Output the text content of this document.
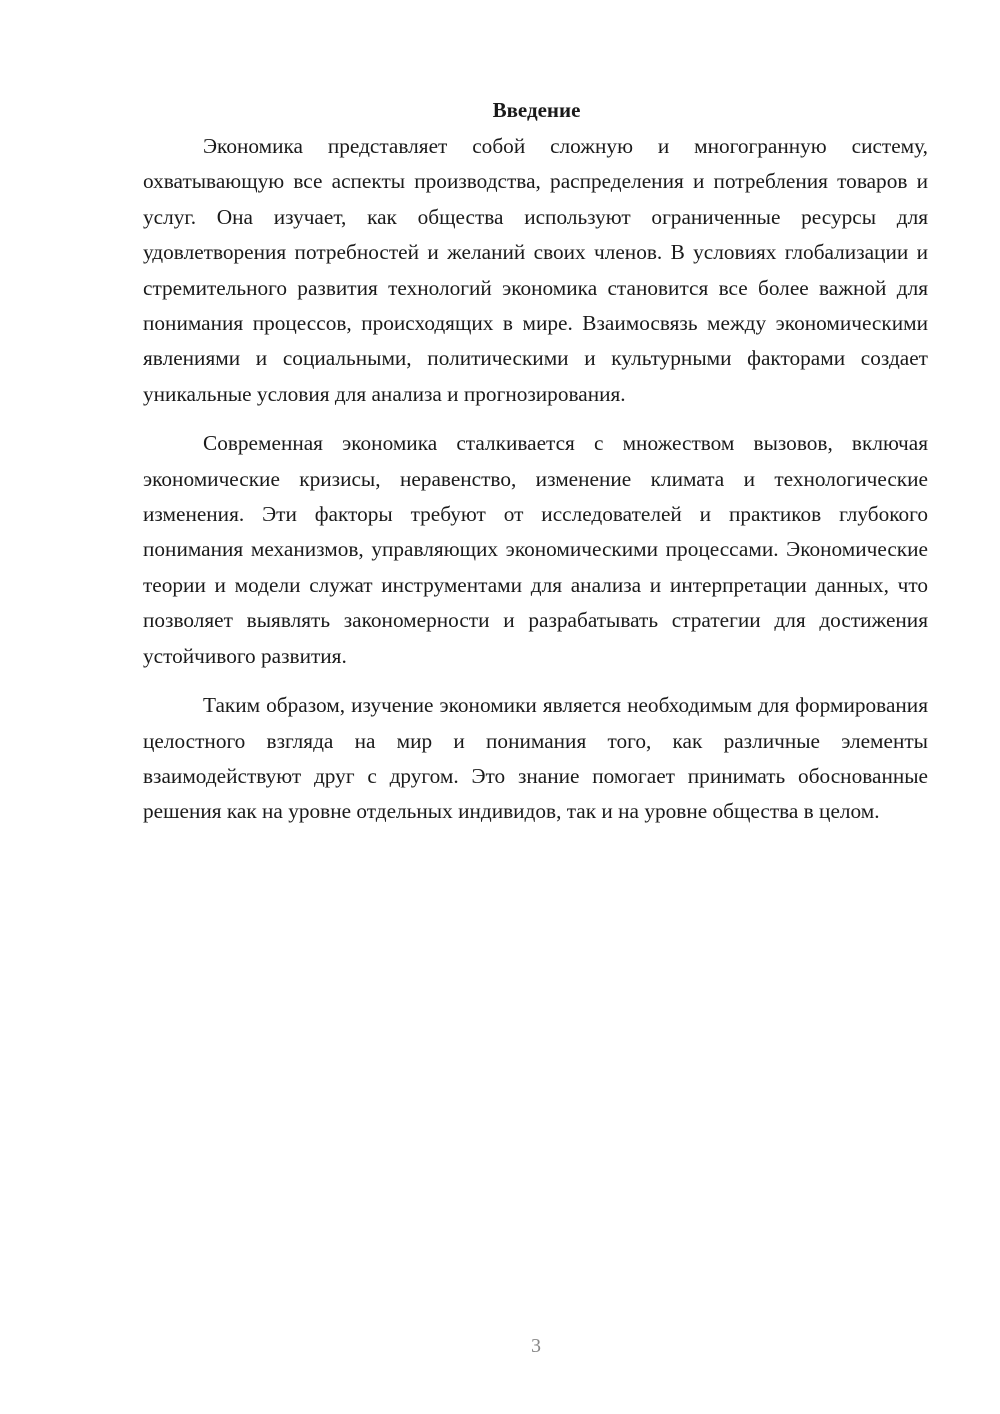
Введение

Экономика представляет собой сложную и многогранную систему, охватывающую все аспекты производства, распределения и потребления товаров и услуг. Она изучает, как общества используют ограниченные ресурсы для удовлетворения потребностей и желаний своих членов. В условиях глобализации и стремительного развития технологий экономика становится все более важной для понимания процессов, происходящих в мире. Взаимосвязь между экономическими явлениями и социальными, политическими и культурными факторами создает уникальные условия для анализа и прогнозирования.

Современная экономика сталкивается с множеством вызовов, включая экономические кризисы, неравенство, изменение климата и технологические изменения. Эти факторы требуют от исследователей и практиков глубокого понимания механизмов, управляющих экономическими процессами. Экономические теории и модели служат инструментами для анализа и интерпретации данных, что позволяет выявлять закономерности и разрабатывать стратегии для достижения устойчивого развития.

Таким образом, изучение экономики является необходимым для формирования целостного взгляда на мир и понимания того, как различные элементы взаимодействуют друг с другом. Это знание помогает принимать обоснованные решения как на уровне отдельных индивидов, так и на уровне общества в целом.

3
